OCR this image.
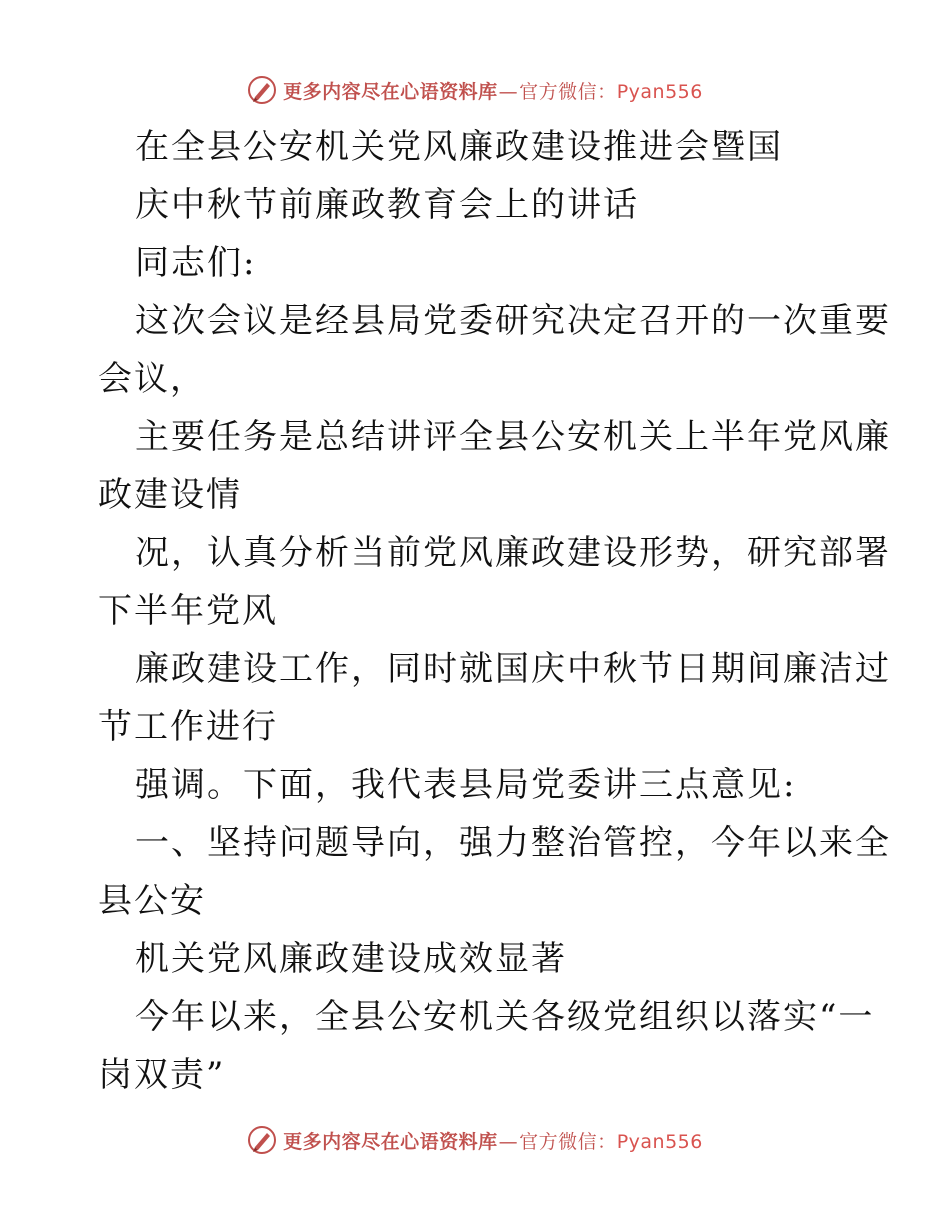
更多内容尽在心语资料库—官方微信：Pyan556
在全县公安机关党风廉政建设推进会暨国
庆中秋节前廉政教育会上的讲话
同志们:
这次会议是经县局党委研究决定召开的一次重要
会议，
主要任务是总结讲评全县公安机关上半年党风廉
政建设情
况，认真分析当前党风廉政建设形势，研究部署
下半年党风
廉政建设工作，同时就国庆中秋节日期间廉洁过
节工作进行
强调。下面，我代表县局党委讲三点意见:
一、坚持问题导向，强力整治管控，今年以来全
县公安
机关党风廉政建设成效显著
今年以来，全县公安机关各级党组织以落实“一
岗双责”
更多内容尽在心语资料库—官方微信：Pyan556
